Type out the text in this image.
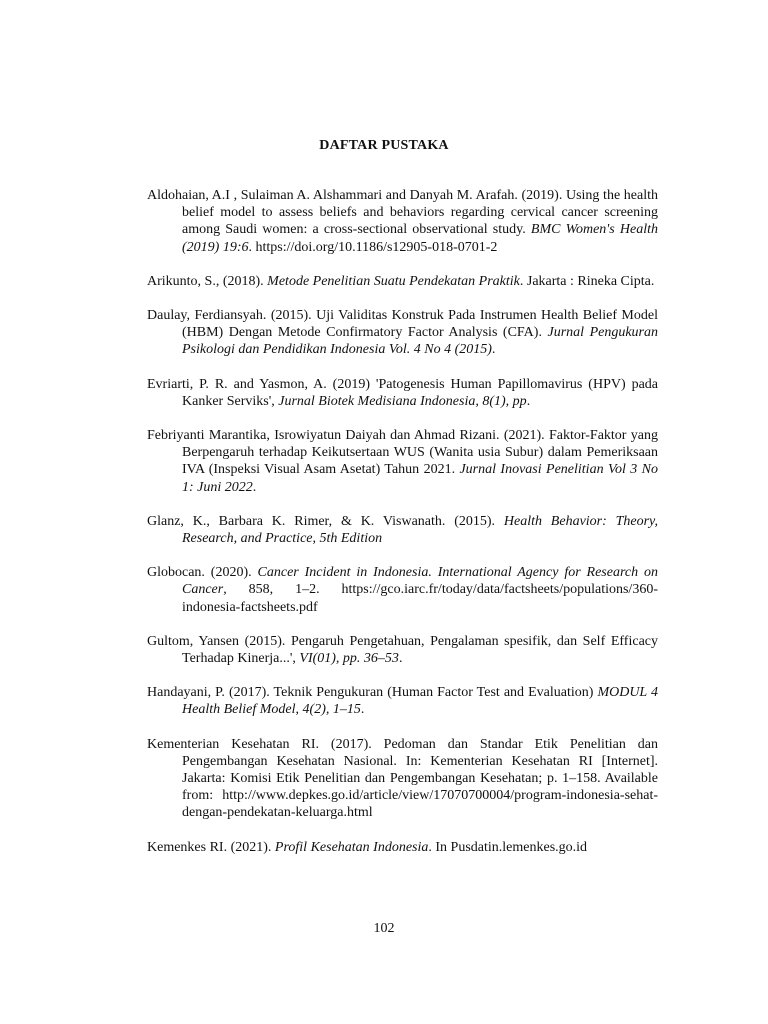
DAFTAR PUSTAKA

Aldohaian, A.I , Sulaiman A. Alshammari and Danyah M. Arafah. (2019). Using the health belief model to assess beliefs and behaviors regarding cervical cancer screening among Saudi women: a cross-sectional observational study. BMC Women's Health (2019) 19:6. https://doi.org/10.1186/s12905-018-0701-2

Arikunto, S., (2018). Metode Penelitian Suatu Pendekatan Praktik. Jakarta : Rineka Cipta.

Daulay, Ferdiansyah. (2015). Uji Validitas Konstruk Pada Instrumen Health Belief Model (HBM) Dengan Metode Confirmatory Factor Analysis (CFA). Jurnal Pengukuran Psikologi dan Pendidikan Indonesia Vol. 4 No 4 (2015).

Evriarti, P. R. and Yasmon, A. (2019) 'Patogenesis Human Papillomavirus (HPV) pada Kanker Serviks', Jurnal Biotek Medisiana Indonesia, 8(1), pp.

Febriyanti Marantika, Isrowiyatun Daiyah dan Ahmad Rizani. (2021). Faktor-Faktor yang Berpengaruh terhadap Keikutsertaan WUS (Wanita usia Subur) dalam Pemeriksaan IVA (Inspeksi Visual Asam Asetat) Tahun 2021. Jurnal Inovasi Penelitian Vol 3 No 1: Juni 2022.

Glanz, K., Barbara K. Rimer, & K. Viswanath. (2015). Health Behavior: Theory, Research, and Practice, 5th Edition

Globocan. (2020). Cancer Incident in Indonesia. International Agency for Research on Cancer, 858, 1–2. https://gco.iarc.fr/today/data/factsheets/populations/360-indonesia-factsheets.pdf

Gultom, Yansen (2015). Pengaruh Pengetahuan, Pengalaman spesifik, dan Self Efficacy Terhadap Kinerja...', VI(01), pp. 36–53.

Handayani, P. (2017). Teknik Pengukuran (Human Factor Test and Evaluation) MODUL 4 Health Belief Model, 4(2), 1–15.

Kementerian Kesehatan RI. (2017). Pedoman dan Standar Etik Penelitian dan Pengembangan Kesehatan Nasional. In: Kementerian Kesehatan RI [Internet]. Jakarta: Komisi Etik Penelitian dan Pengembangan Kesehatan; p. 1–158. Available from: http://www.depkes.go.id/article/view/17070700004/program-indonesia-sehat-dengan-pendekatan-keluarga.html

Kemenkes RI. (2021). Profil Kesehatan Indonesia. In Pusdatin.lemenkes.go.id

102
